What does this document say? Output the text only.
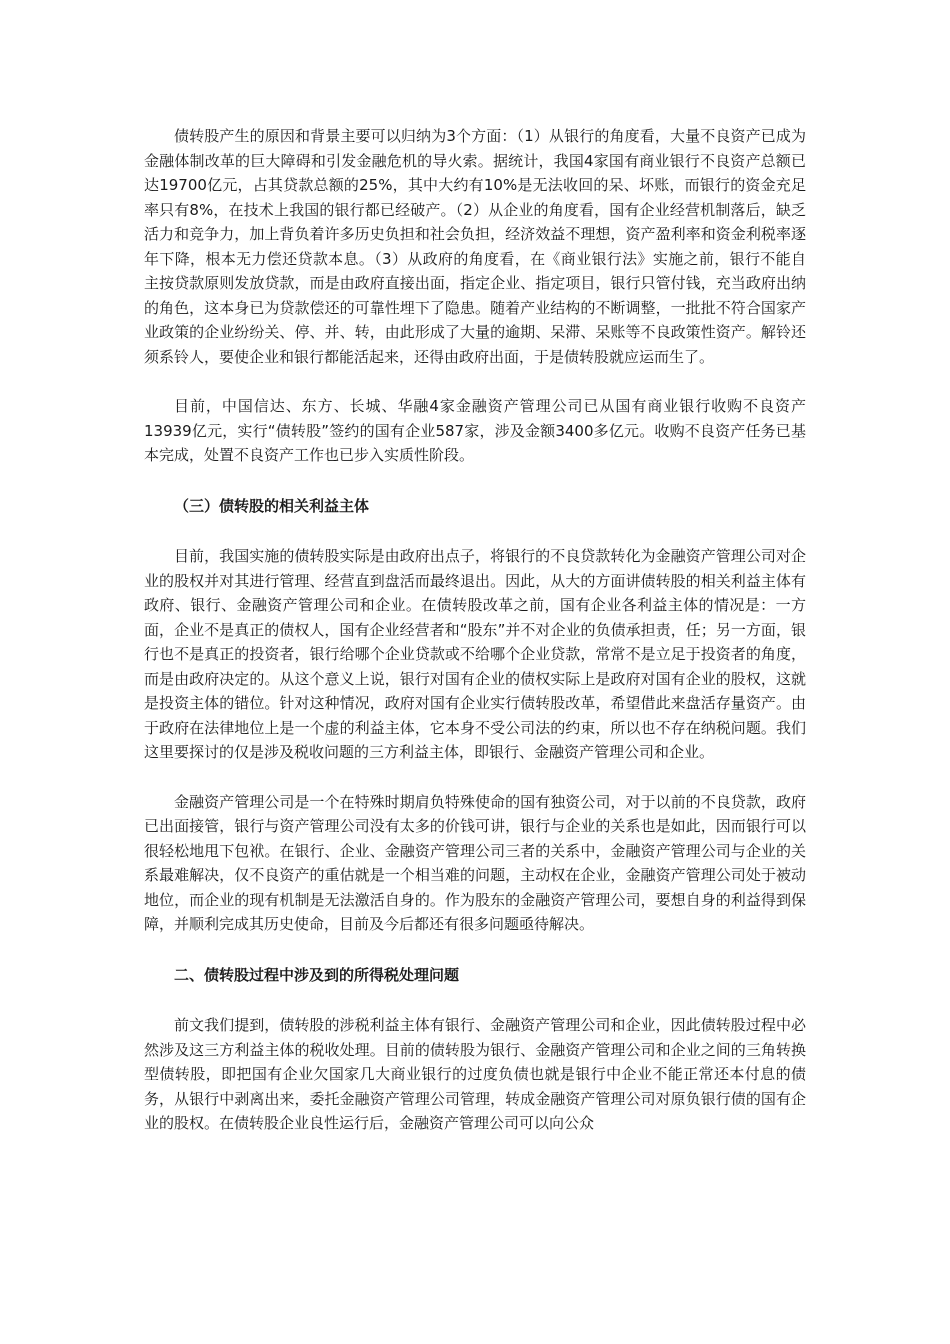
债转股产生的原因和背景主要可以归纳为3个方面：（1）从银行的角度看，大量不良资产已成为金融体制改革的巨大障碍和引发金融危机的导火索。据统计，我国4家国有商业银行不良资产总额已达19700亿元，占其贷款总额的25%，其中大约有10%是无法收回的呆、坏账，而银行的资金充足率只有8%，在技术上我国的银行都已经破产。（2）从企业的角度看，国有企业经营机制落后，缺乏活力和竞争力，加上背负着许多历史负担和社会负担，经济效益不理想，资产盈利率和资金利税率逐年下降，根本无力偿还贷款本息。（3）从政府的角度看，在《商业银行法》实施之前，银行不能自主按贷款原则发放贷款，而是由政府直接出面，指定企业、指定项目，银行只管付钱，充当政府出纳的角色，这本身已为贷款偿还的可靠性埋下了隐患。随着产业结构的不断调整，一批批不符合国家产业政策的企业纷纷关、停、并、转，由此形成了大量的逾期、呆滞、呆账等不良政策性资产。解铃还须系铃人，要使企业和银行都能活起来，还得由政府出面，于是债转股就应运而生了。

目前，中国信达、东方、长城、华融4家金融资产管理公司已从国有商业银行收购不良资产13939亿元，实行“债转股”签约的国有企业587家，涉及金额3400多亿元。收购不良资产任务已基本完成，处置不良资产工作也已步入实质性阶段。

（三）债转股的相关利益主体

目前，我国实施的债转股实际是由政府出点子，将银行的不良贷款转化为金融资产管理公司对企业的股权并对其进行管理、经营直到盘活而最终退出。因此，从大的方面讲债转股的相关利益主体有政府、银行、金融资产管理公司和企业。在债转股改革之前，国有企业各利益主体的情况是：一方面，企业不是真正的债权人，国有企业经营者和“股东”并不对企业的负债承担责，任；另一方面，银行也不是真正的投资者，银行给哪个企业贷款或不给哪个企业贷款，常常不是立足于投资者的角度，而是由政府决定的。从这个意义上说，银行对国有企业的债权实际上是政府对国有企业的股权，这就是投资主体的错位。针对这种情况，政府对国有企业实行债转股改革，希望借此来盘活存量资产。由于政府在法律地位上是一个虚的利益主体，它本身不受公司法的约束，所以也不存在纳税问题。我们这里要探讨的仅是涉及税收问题的三方利益主体，即银行、金融资产管理公司和企业。

金融资产管理公司是一个在特殊时期肩负特殊使命的国有独资公司，对于以前的不良贷款，政府已出面接管，银行与资产管理公司没有太多的价钱可讲，银行与企业的关系也是如此，因而银行可以很轻松地甩下包袱。在银行、企业、金融资产管理公司三者的关系中，金融资产管理公司与企业的关系最难解决，仅不良资产的重估就是一个相当难的问题，主动权在企业，金融资产管理公司处于被动地位，而企业的现有机制是无法激活自身的。作为股东的金融资产管理公司，要想自身的利益得到保障，并顺利完成其历史使命，目前及今后都还有很多问题亟待解决。

二、债转股过程中涉及到的所得税处理问题

前文我们提到，债转股的涉税利益主体有银行、金融资产管理公司和企业，因此债转股过程中必然涉及这三方利益主体的税收处理。目前的债转股为银行、金融资产管理公司和企业之间的三角转换型债转股，即把国有企业欠国家几大商业银行的过度负债也就是银行中企业不能正常还本付息的债务，从银行中剥离出来，委托金融资产管理公司管理，转成金融资产管理公司对原负银行债的国有企业的股权。在债转股企业良性运行后，金融资产管理公司可以向公众
